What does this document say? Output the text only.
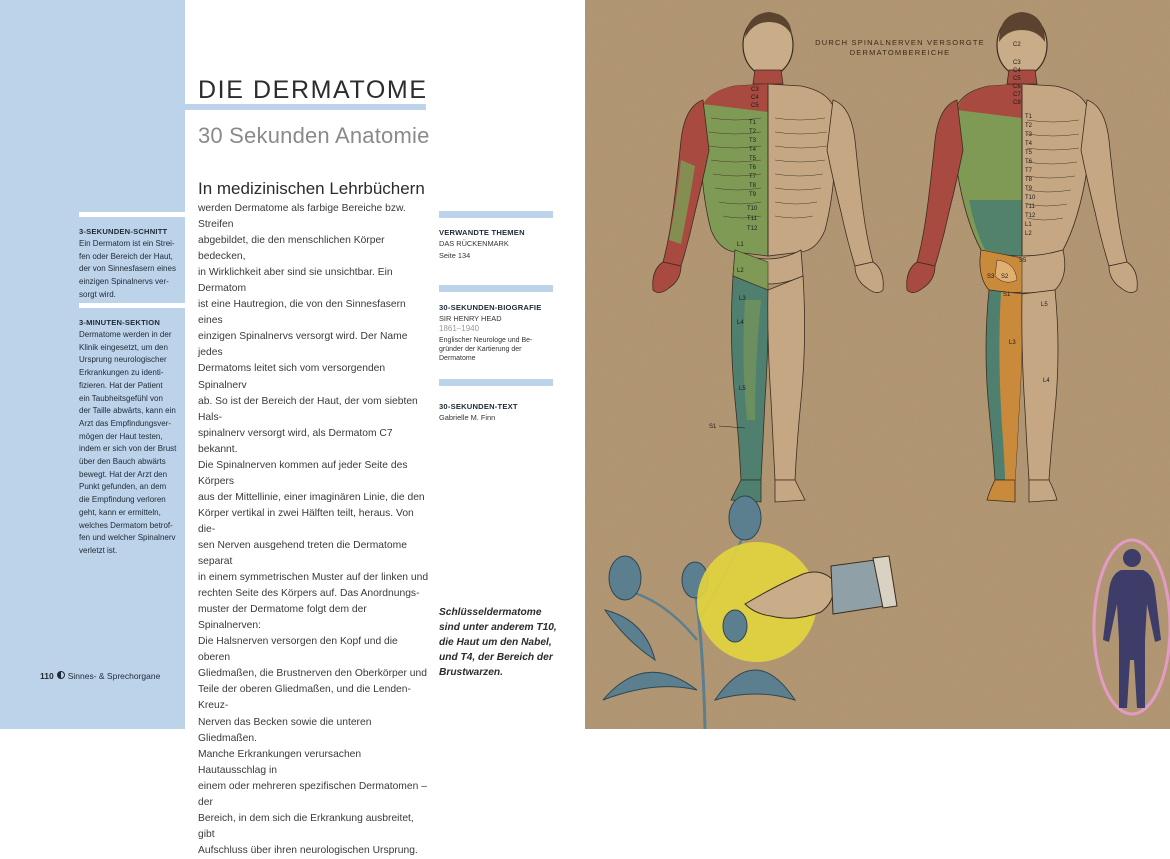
3-SEKUNDEN-SCHNITT
Ein Dermatom ist ein Strei-
fen oder Bereich der Haut,
der von Sinnesfasern eines
einzigen Spinalnervs ver-
sorgt wird.
3-MINUTEN-SEKTION
Dermatome werden in der
Klinik eingesetzt, um den
Ursprung neurologischer
Erkrankungen zu identi-
fizieren. Hat der Patient
ein Taubheitsgefühl von
der Taille abwärts, kann ein
Arzt das Empfindungsver-
mögen der Haut testen,
indem er sich von der Brust
über den Bauch abwärts
bewegt. Hat der Arzt den
Punkt gefunden, an dem
die Empfindung verloren
geht, kann er ermitteln,
welches Dermatom betrof-
fen und welcher Spinalnerv
verletzt ist.
110 Sinnes- & Sprechorgane
DIE DERMATOME
30 Sekunden Anatomie
In medizinischen Lehrbüchern
werden Dermatome als farbige Bereiche bzw. Streifen
abgebildet, die den menschlichen Körper bedecken,
in Wirklichkeit aber sind sie unsichtbar. Ein Dermatom
ist eine Hautregion, die von den Sinnesfasern eines
einzigen Spinalnervs versorgt wird. Der Name jedes
Dermatoms leitet sich vom versorgenden Spinalnerv
ab. So ist der Bereich der Haut, der vom siebten Hals-
spinalnerv versorgt wird, als Dermatom C7 bekannt.
Die Spinalnerven kommen auf jeder Seite des Körpers
aus der Mittellinie, einer imaginären Linie, die den
Körper vertikal in zwei Hälften teilt, heraus. Von die-
sen Nerven ausgehend treten die Dermatome separat
in einem symmetrischen Muster auf der linken und
rechten Seite des Körpers auf. Das Anordnungs-
muster der Dermatome folgt dem der Spinalnerven:
Die Halsnerven versorgen den Kopf und die oberen
Gliedmaßen, die Brustnerven den Oberkörper und
Teile der oberen Gliedmaßen, und die Lenden-Kreuz-
Nerven das Becken sowie die unteren Gliedmaßen.
Manche Erkrankungen verursachen Hautausschlag in
einem oder mehreren spezifischen Dermatomen – der
Bereich, in dem sich die Erkrankung ausbreitet, gibt
Aufschluss über ihren neurologischen Ursprung.
VERWANDTE THEMEN
DAS RÜCKENMARK
Seite 134
30-SEKUNDEN-BIOGRAFIE
SIR HENRY HEAD
1861–1940
Englischer Neurologe und Be-
gründer der Kartierung der
Dermatome
30-SEKUNDEN-TEXT
Gabrielle M. Finn
Schlüsseldermatome
sind unter anderem T10,
die Haut um den Nabel,
und T4, der Bereich der
Brustwarzen.
C3
C4
C5
T1
T2
T3
T4
T5
T6
T7
T8
T9
T10
T11
T12
L1
L2
L3
L4
L5
S1
C2
C3
C4
C5
C6
C7
C8
T1
T2
T3
T4
T5
T6
T7
T8
T9
T10
T11
T12
L1
L2
S3 S2
S1
S5
L5
L3
L4
DURCH SPINALNERVEN VERSORGTE
DERMATOMBEREICHE
